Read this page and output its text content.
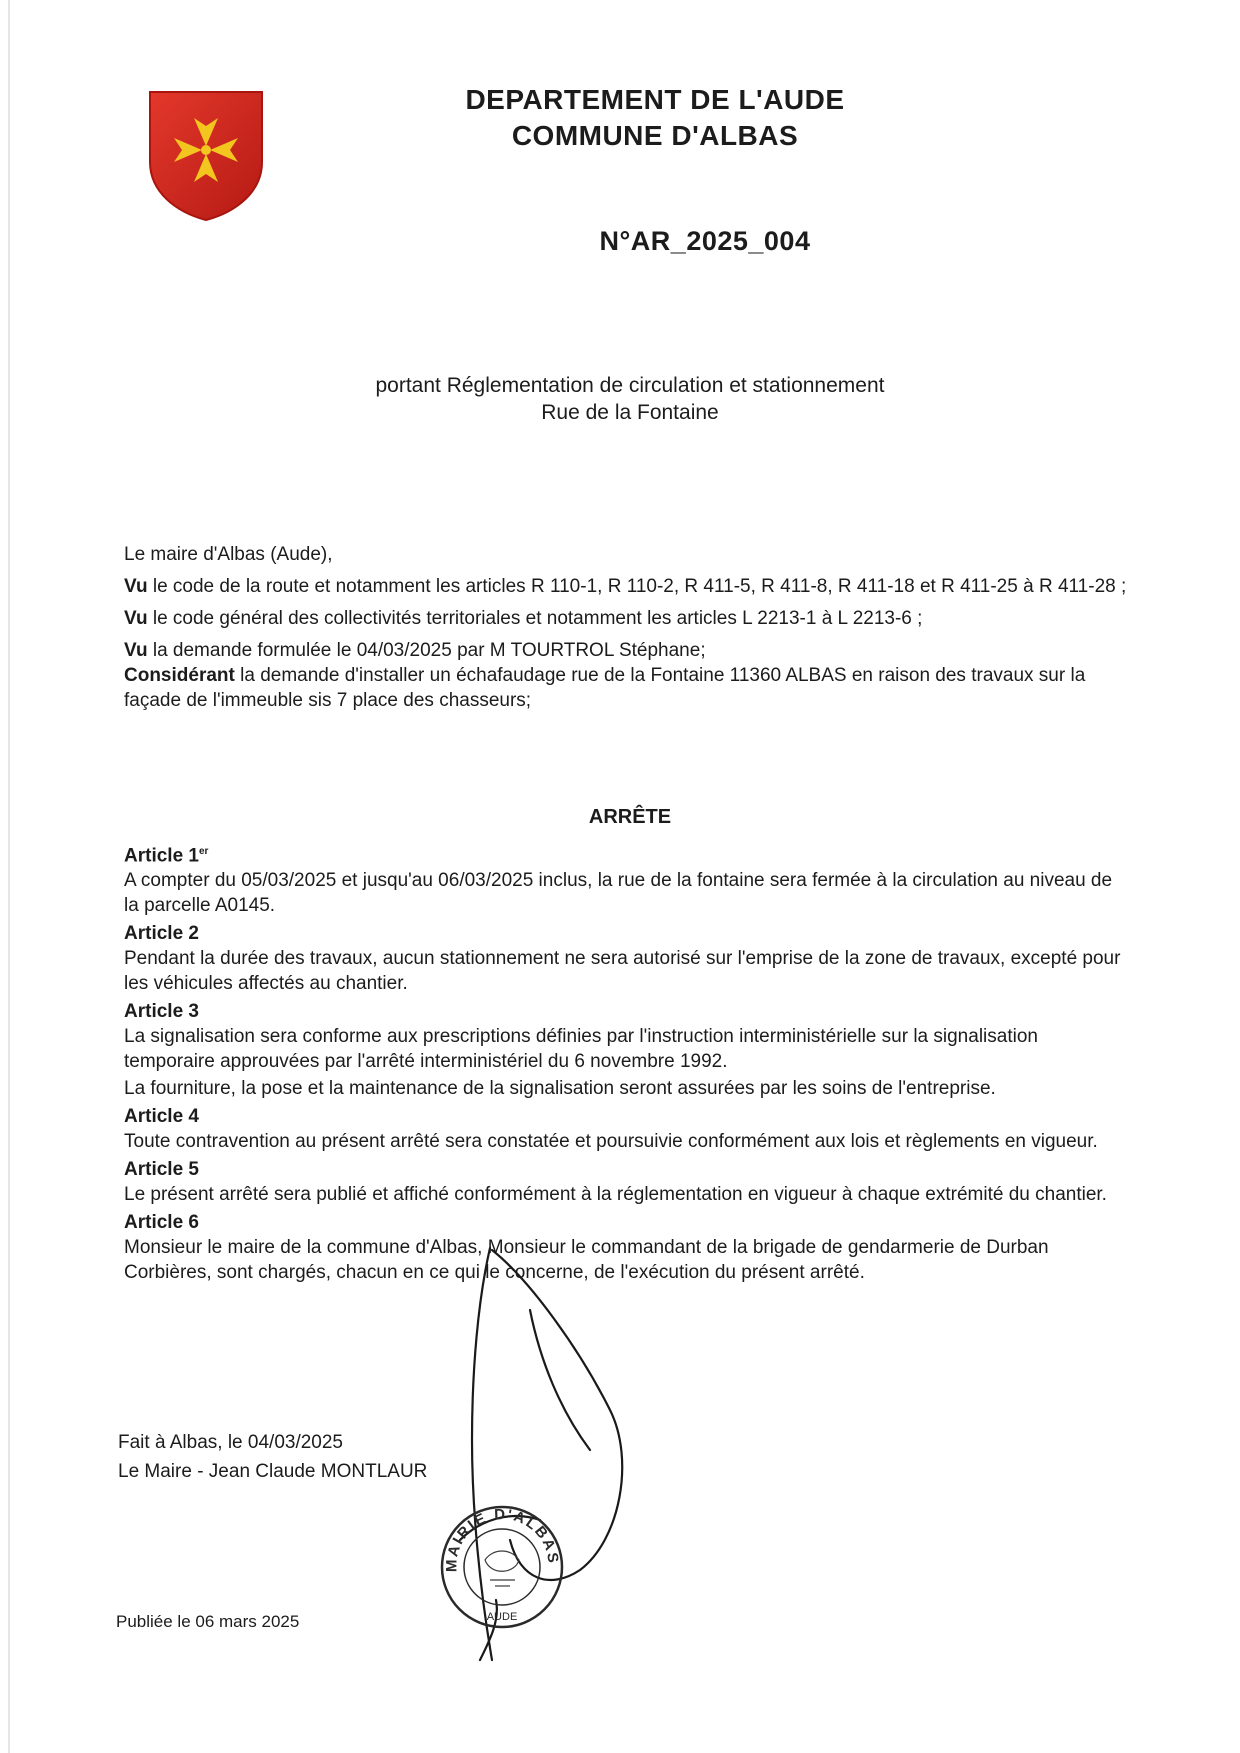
DEPARTEMENT DE L'AUDE
COMMUNE D'ALBAS
N°AR_2025_004
portant Réglementation de circulation et stationnement
Rue de la Fontaine

Le maire d'Albas (Aude),

Vu le code de la route et notamment les articles R 110-1, R 110-2, R 411-5, R 411-8, R 411-18 et R 411-25 à R 411-28 ;

Vu le code général des collectivités territoriales et notamment les articles L 2213-1 à L 2213-6 ;

Vu la demande formulée le 04/03/2025 par M TOURTROL Stéphane;

Considérant la demande d'installer un échafaudage rue de la Fontaine 11360 ALBAS en raison des travaux sur la façade de l'immeuble sis 7 place des chasseurs;

ARRÊTE
Article 1er

A compter du 05/03/2025 et jusqu'au 06/03/2025 inclus, la rue de la fontaine sera fermée à la circulation au niveau de la parcelle A0145.

Article 2

Pendant la durée des travaux, aucun stationnement ne sera autorisé sur l'emprise de la zone de travaux, excepté pour les véhicules affectés au chantier.

Article 3

La signalisation sera conforme aux prescriptions définies par l'instruction interministérielle sur la signalisation temporaire approuvées par l'arrêté interministériel du 6 novembre 1992.

La fourniture, la pose et la maintenance de la signalisation seront assurées par les soins de l'entreprise.

Article 4

Toute contravention au présent arrêté sera constatée et poursuivie conformément aux lois et règlements en vigueur.

Article 5

Le présent arrêté sera publié et affiché conformément à la réglementation en vigueur à chaque extrémité du chantier.

Article 6

Monsieur le maire de la commune d'Albas, Monsieur le commandant de la brigade de gendarmerie de Durban Corbières, sont chargés, chacun en ce qui le concerne, de l'exécution du présent arrêté.

Fait à Albas, le 04/03/2025
Le Maire - Jean Claude MONTLAUR
MAIRIE D'ALBAS
AUDE
Publiée le 06 mars 2025
